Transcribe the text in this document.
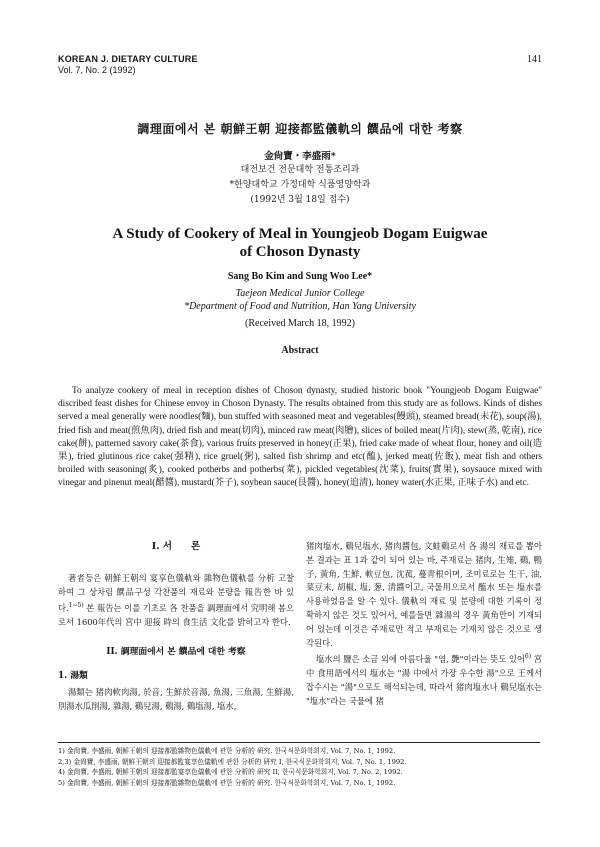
KOREAN J. DIETARY CULTURE
Vol. 7, No. 2 (1992)
141
調理面에서 본 朝鮮王朝 迎接都監儀軌의 饌品에 대한 考察
金尙寶・李盛雨*
대전보건 전문대학 전통조리과
*한양대학교 가정대학 식품영양학과
(1992년 3월 18일 접수)
A Study of Cookery of Meal in Youngjeob Dogam Euigwae
of Choson Dynasty
Sang Bo Kim and Sung Woo Lee*
Taejeon Medical Junior College
*Department of Food and Nutrition, Han Yang University
(Received March 18, 1992)
Abstract

To analyze cookery of meal in reception dishes of Choson dynasty, studied historic book "Youngjeob Dogam Euigwae" discribed feast dishes for Chinese envoy in Choson Dynasty. The results obtained from this study are as follows. Kinds of dishes served a meal generally were noodles(麵), bun stuffed with seasoned meat and vegetables(饅頭), steamed bread(未花), soup(湯), fried fish and meat(煎魚肉), dried fish and meat(切肉), minced raw meat(肉膾), slices of boiled meat(片肉), stew(蒸, 乾南), rice cake(餅), patterned savory cake(茶食), various fruits preserved in honey(正果), fried cake made of wheat flour, honey and oil(造果), fried glutinous rice cake(强精), rice gruel(粥), salted fish shrimp and etc(醢), jerked meat(佐飯), meat fish and others broiled with seasoning(炙), cooked potherbs and potherbs(菜), pickled vegetables(沈菜), fruits(實果), soysauce mixed with vinegar and pinenut meal(醋醬), mustard(芥子), soybean sauce(艮醬), honey(追淸), honey water(水正果, 正味子水) and etc.

I. 서　　론

著者등은 朝鮮王朝의 宴享色儀軌와 雜物色儀軌를 分析 고찰하여 그 상차림 饌品구성 각찬품의 재료와 분량을 報告한 바 있다.$^{1\sim 5)}$ 본 報告는 이를 기초로 各 찬품을 調理面에서 究明해 봄으로서 1600年代의 宮中 迎接 時의 食生活 文化를 밝히고자 한다.

II. 調理面에서 본 饌品에 대한 考察
1. 湯類

湯類는 猪肉軟肉湯, 於音, 生鮮於音湯, 魚湯, 三魚湯, 生鮮湯, 別湯水瓜削湯, 雜湯, 鷄兒湯, 鷄湯, 鷄塩湯, 塩水,

猪肉塩水, 鷄兒塩水, 猪肉醬包, 文蛙鷄로서 各 湯의 재료를 뽑아본 결과는 표 1과 같이 되어 있는 바, 주재료는 猪肉, 生雉, 鷄, 鴨子, 黃角, 生鮮, 軟豆包, 沈菰, 蔓靑根이며, 조미료로는 生干, 油, 菜豆末, 胡椒, 塩, 葱, 淸醬이고, 국물用으로서 醢水 또는 塩水를 사용하였음을 알 수 있다. 儀軌의 재료 및 분량에 대한 기록이 정확하지 않은 것도 있어서, 예를들면 雜湯의 경우 黃角만이 기재되어 있는데 이것은 주재료만 적고 부재료는 기재치 않은 것으로 생각된다.

塩水의 鹽은 소금 외에 아름다울 "염, 艶"이라는 뜻도 있어$^{6)}$ 宮中 食用語에서의 塩水는 "湯 中에서 가장 우수한 湯"으로 王께서 잡수시는 "湯"으로도 해석되는데, 따라서 猪肉塩水나 鷄兒塩水는 "塩水"라는 국물에 猪

1) 金尙寶, 李盛雨, 朝鮮王朝의 迎接都監雜物色儀軌에 관한 分析的 硏究. 한국식문화학회지, Vol. 7, No. 1, 1992.
2,3) 金尙寶, 李盛雨, 朝鮮王朝의 迎接都監宴享色儀軌에 관한 分析的 硏究 I, 한국식문화학회지, Vol. 7, No. 1, 1992.
4) 金尙寶, 李盛雨, 朝鮮王朝의 迎接都監宴享色儀軌에 관한 分析的 硏究 II, 한국식문화학회지, Vol. 7, No. 2, 1992.
5) 金尙寶, 李盛雨, 朝鮮王朝의 迎接都監雜物色儀軌에 관한 分析的 硏究. 한국식문화학회지, Vol. 7, No. 1, 1992.
